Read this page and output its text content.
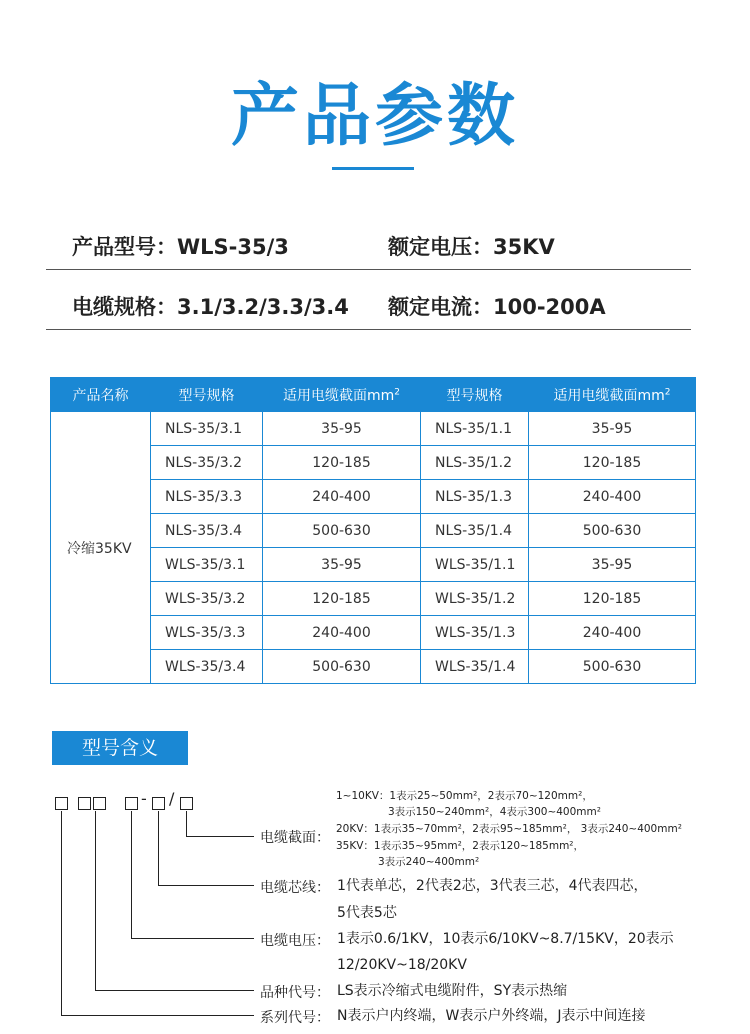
产品参数
产品型号：WLS-35/3	额定电压：35KV
电缆规格：3.1/3.2/3.3/3.4 额定电流：100-200A
产品名称	型号规格	适用电缆截面$mm^2$	型号规格	适用电缆截面$mm^2$
冷缩35KV	NLS-35/3.1	35-95	NLS-35/1.1	35-95
	NLS-35/3.2	120-185	NLS-35/1.2	120-185
	NLS-35/3.3	240-400	NLS-35/1.3	240-400
	NLS-35/3.4	500-630	NLS-35/1.4	500-630
	WLS-35/3.1	35-95	WLS-35/1.1	35-95
	WLS-35/3.2	120-185	WLS-35/1.2	120-185
	WLS-35/3.3	240-400	WLS-35/1.3	240-400
	WLS-35/3.4	500-630	WLS-35/1.4	500-630
型号含义
- /
电缆截面：
1~10KV：1表示25~50mm²，2表示70~120mm²，
3表示150~240mm²，4表示300~400mm²
20KV：1表示35~70mm²，2表示95~185mm²， 3表示240~400mm²
35KV：1表示35~95mm²，2表示120~185mm²，
3表示240~400mm²
电缆芯线： 1代表单芯，2代表2芯，3代表三芯，4代表四芯，
5代表5芯
电缆电压： 1表示0.6/1KV，10表示6/10KV~8.7/15KV，20表示
12/20KV~18/20KV
品种代号： LS表示冷缩式电缆附件，SY表示热缩
系列代号： N表示户内终端，W表示户外终端，J表示中间连接
